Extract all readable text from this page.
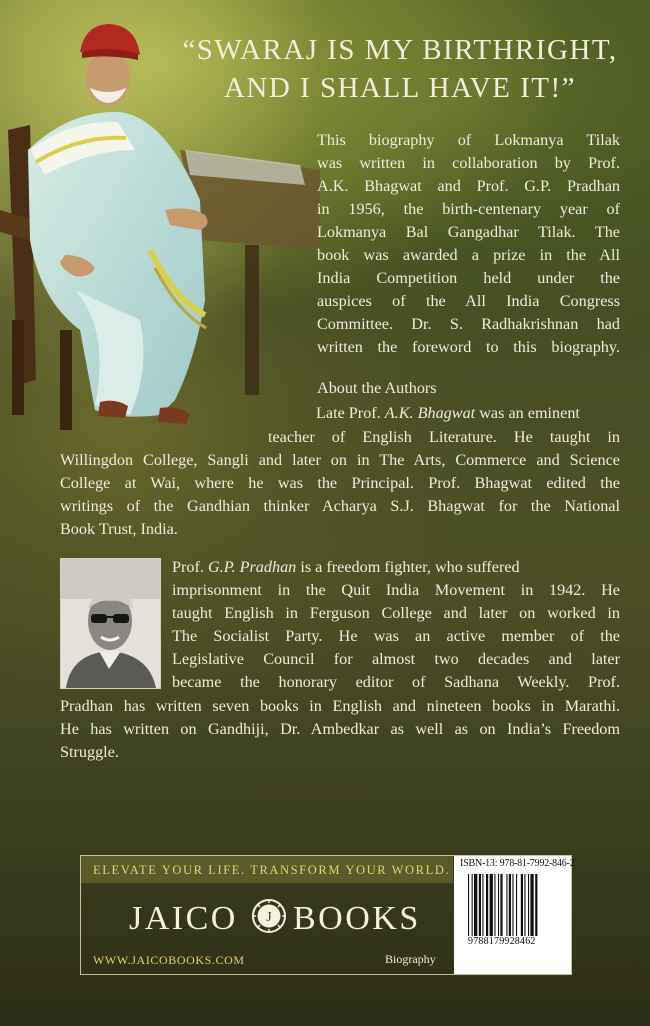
“SWARAJ IS MY BIRTHRIGHT,
AND I SHALL HAVE IT!”
This biography of Lokmanya Tilak
was written in collaboration by Prof.
A.K. Bhagwat and Prof. G.P. Pradhan
in 1956, the birth-centenary year of
Lokmanya Bal Gangadhar Tilak. The
book was awarded a prize in the All
India Competition held under the
auspices of the All India Congress
Committee. Dr. S. Radhakrishnan had
written the foreword to this biography.
About the Authors
Late Prof. A.K. Bhagwat was an eminent
teacher of English Literature. He taught in
Willingdon College, Sangli and later on in The Arts, Commerce and Science
College at Wai, where he was the Principal. Prof. Bhagwat edited the
writings of the Gandhian thinker Acharya S.J. Bhagwat for the National
Book Trust, India.
Prof. G.P. Pradhan is a freedom fighter, who suffered
imprisonment in the Quit India Movement in 1942. He
taught English in Ferguson College and later on worked in
The Socialist Party. He was an active member of the
Legislative Council for almost two decades and later
became the honorary editor of Sadhana Weekly. Prof.
Pradhan has written seven books in English and nineteen books in Marathi.
He has written on Gandhiji, Dr. Ambedkar as well as on India’s Freedom
Struggle.
ELEVATE YOUR LIFE. TRANSFORM YOUR WORLD.
JAICO J BOOKS
WWW.JAICOBOOKS.COM	Biography
ISBN-13: 978-81-7992-846-2
9788179928462
